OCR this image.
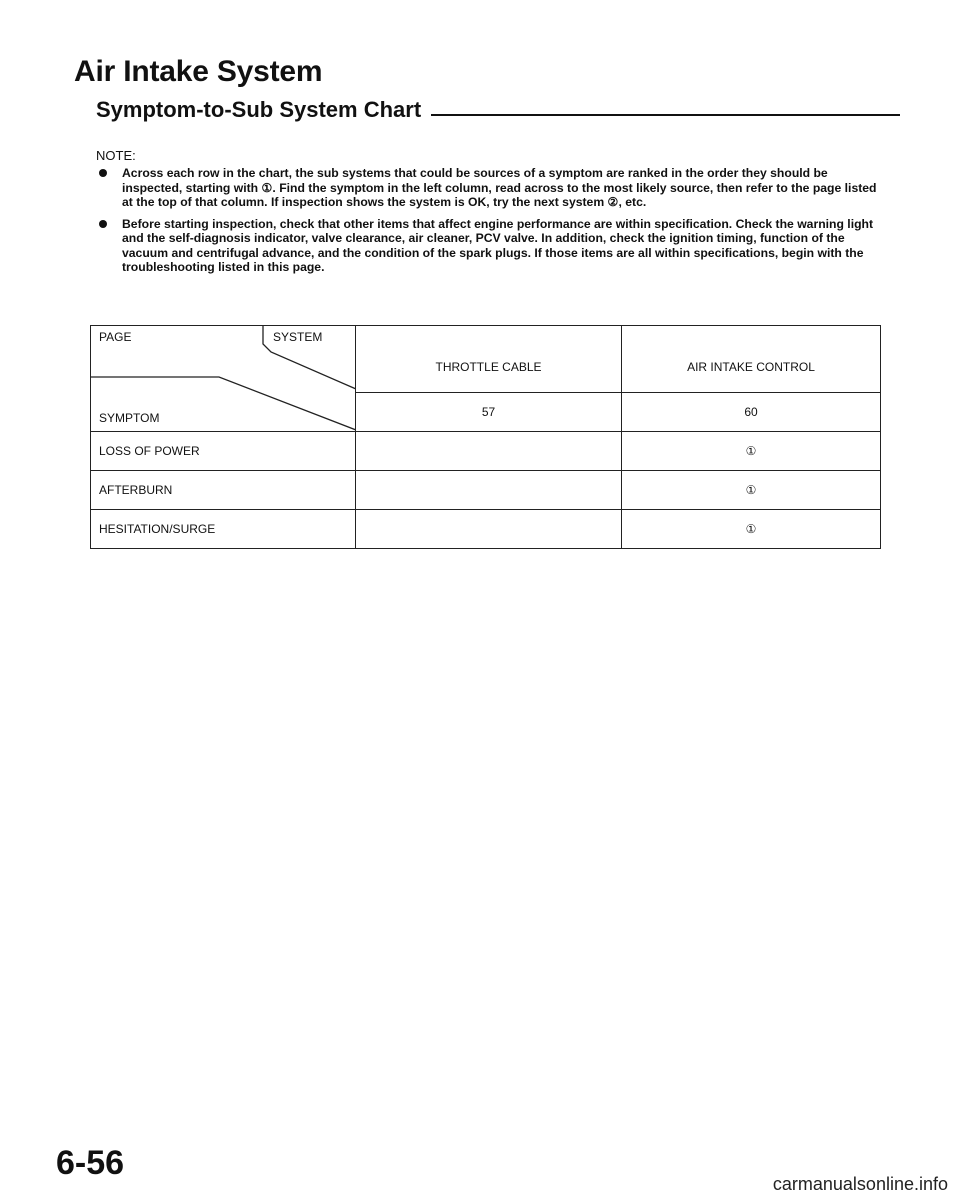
Air Intake System
Symptom-to-Sub System Chart
NOTE:
Across each row in the chart, the sub systems that could be sources of a symptom are ranked in the order they should be inspected, starting with ①. Find the symptom in the left column, read across to the most likely source, then refer to the page listed at the top of that column. If inspection shows the system is OK, try the next system ②, etc.
Before starting inspection, check that other items that affect engine performance are within specification. Check the warning light and the self-diagnosis indicator, valve clearance, air cleaner, PCV valve. In addition, check the ignition timing, function of the vacuum and centrifugal advance, and the condition of the spark plugs. If those items are all within specifications, begin with the troubleshooting listed in this page.
PAGE SYSTEM
SYMPTOM	THROTTLE CABLE	AIR INTAKE CONTROL
	57	60
LOSS OF POWER		①
AFTERBURN		①
HESITATION/SURGE		①
6-56
carmanualsonline.info
